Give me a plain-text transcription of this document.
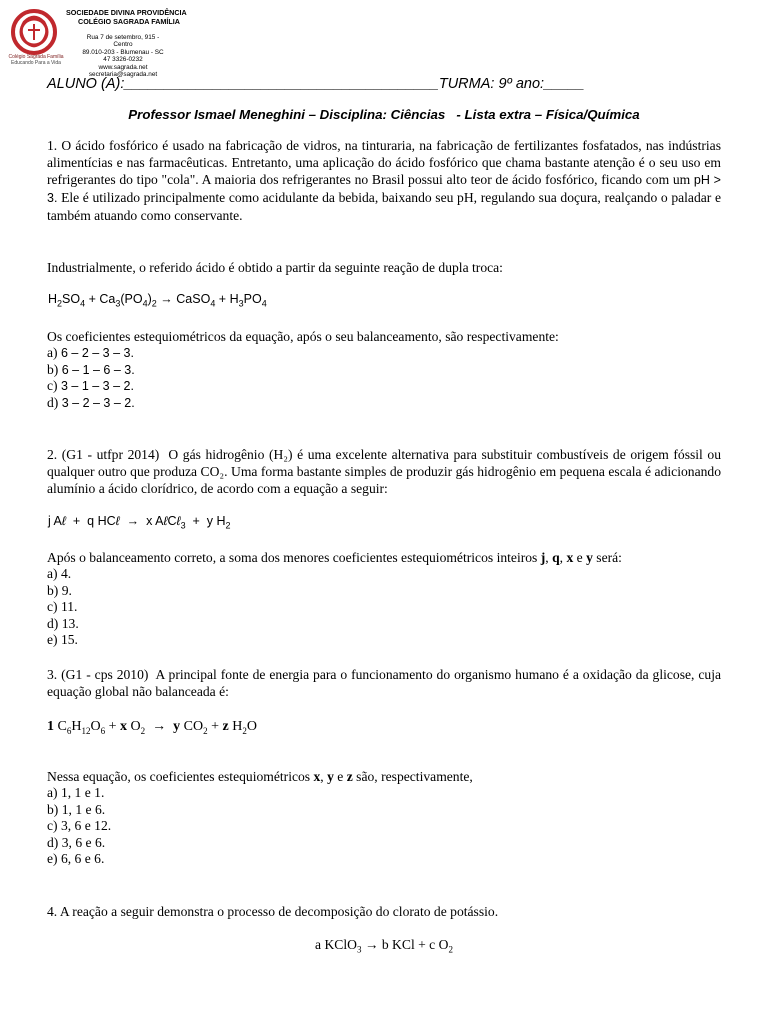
Colégio Sagrada Família
Educando Para a Vida
SOCIEDADE DIVINA PROVIDÊNCIA
COLÉGIO SAGRADA FAMÍLIA
Rua 7 de setembro, 915 - Centro
89.010-203 - Blumenau - SC
47 3326-0232 www.sagrada.net
secretaria@sagrada.net
ALUNO (A):_______________________________________TURMA: 9º ano:_____
Professor Ismael Meneghini – Disciplina: Ciências   - Lista extra – Física/Química
1. O ácido fosfórico é usado na fabricação de vidros, na tinturaria, na fabricação de fertilizantes fosfatados, nas indústrias alimentícias e nas farmacêuticas. Entretanto, uma aplicação do ácido fosfórico que chama bastante atenção é o seu uso em refrigerantes do tipo "cola". A maioria dos refrigerantes no Brasil possui alto teor de ácido fosfórico, ficando com um pH > 3. Ele é utilizado principalmente como acidulante da bebida, baixando seu pH, regulando sua doçura, realçando o paladar e também atuando como conservante.
Industrialmente, o referido ácido é obtido a partir da seguinte reação de dupla troca:
$H_2SO_4 + Ca_3(PO_4)_2$ → CaSO$_4$ + $H_3PO_4$
Os coeficientes estequiométricos da equação, após o seu balanceamento, são respectivamente:
a) 6 – 2 – 3 – 3.
b) 6 – 1 – 6 – 3.
c) 3 – 1 – 3 – 2.
d) 3 – 2 – 3 – 2.
2. (G1 - utfpr 2014) O gás hidrogênio (H₂) é uma excelente alternativa para substituir combustíveis de origem fóssil ou qualquer outro que produza CO₂. Uma forma bastante simples de produzir gás hidrogênio em pequena escala é adicionando alumínio a ácido clorídrico, de acordo com a equação a seguir:
j Aℓ  +  q HCℓ  →  x AℓCℓ$_3$  +  y $H_2$
Após o balanceamento correto, a soma dos menores coeficientes estequiométricos inteiros j, q, x e y será:
a) 4.
b) 9.
c) 11.
d) 13.
e) 15.
3. (G1 - cps 2010) A principal fonte de energia para o funcionamento do organismo humano é a oxidação da glicose, cuja equação global não balanceada é:
1 $C_6H_{12}O_6 + x$ $O_2 \to y$ $CO_2 + z$ $H_2O$
Nessa equação, os coeficientes estequiométricos x, y e z são, respectivamente,
a) 1, 1 e 1.
b) 1, 1 e 6.
c) 3, 6 e 12.
d) 3, 6 e 6.
e) 6, 6 e 6.
4. A reação a seguir demonstra o processo de decomposição do clorato de potássio.
a KClO$_3$ → b KCl + c $O_2$
